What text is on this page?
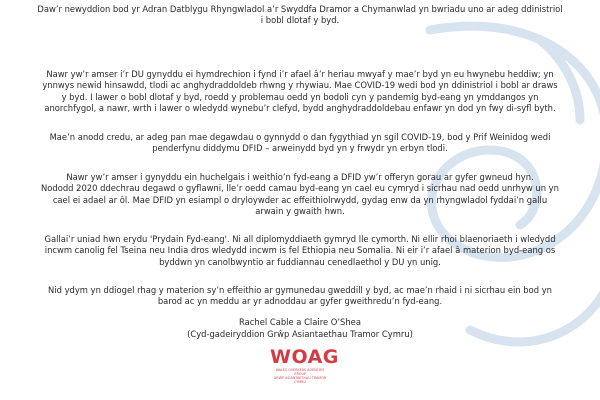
Daw’r newyddion bod yr Adran Datblygu Rhyngwladol a’r Swyddfa Dramor a Chymanwlad yn bwriadu uno ar adeg ddinistriol
i bobl dlotaf y byd.

Nawr yw’r amser i’r DU gynyddu ei hymdrechion i fynd i’r afael â’r heriau mwyaf y mae’r byd yn eu hwynebu heddiw; yn
ynnwys newid hinsawdd, tlodi ac anghydraddoldeb rhwng y rhywiau. Mae COVID-19 wedi bod yn ddinistriol i bobl ar draws
y byd. I lawer o bobl dlotaf y byd, roedd y problemau oedd yn bodoli cyn y pandemig byd-eang yn ymddangos yn
anorchfygol, a nawr, wrth i lawer o wledydd wynebu’r clefyd, bydd anghydraddoldebau enfawr yn dod yn fwy di-syfl byth.

Mae’n anodd credu, ar adeg pan mae degawdau o gynnydd o dan fygythiad yn sgil COVID-19, bod y Prif Weinidog wedi
penderfynu diddymu DFID – arweinydd byd yn y frwydr yn erbyn tlodi.

Nawr yw’r amser i gynyddu ein huchelgais i weithio’n fyd-eang a DFID yw’r offeryn gorau ar gyfer gwneud hyn.
Nododd 2020 ddechrau degawd o gyflawni, lle’r oedd camau byd-eang yn cael eu cymryd i sicrhau nad oedd unrhyw un yn
cael ei adael ar ôl. Mae DFID yn esiampl o dryloywder ac effeithiolrwydd, gydag enw da yn rhyngwladol fyddai’n gallu
arwain y gwaith hwn.

Gallai’r uniad hwn erydu 'Prydain Fyd-eang'. Ni all diplomyddiaeth gymryd lle cymorth. Ni ellir rhoi blaenoriaeth i wledydd
incwm canolig fel Tseina neu India dros wledydd incwm is fel Ethiopia neu Somalia. Ni eir i’r afael â materion byd-eang os
byddwn yn canolbwyntio ar fuddiannau cenedlaethol y DU yn unig.

Nid ydym yn ddiogel rhag y materion sy’n effeithio ar gymunedau gweddill y byd, ac mae’n rhaid i ni sicrhau ein bod yn
barod ac yn meddu ar yr adnoddau ar gyfer gweithredu’n fyd-eang.

Rachel Cable a Claire O’Shea
(Cyd-gadeiryddion Grŵp Asiantaethau Tramor Cymru)
WOAG
WALES OVERSEAS AGENCIES GROUP
GRŴP ASIANTAETHAU TRAMOR CYMRU
